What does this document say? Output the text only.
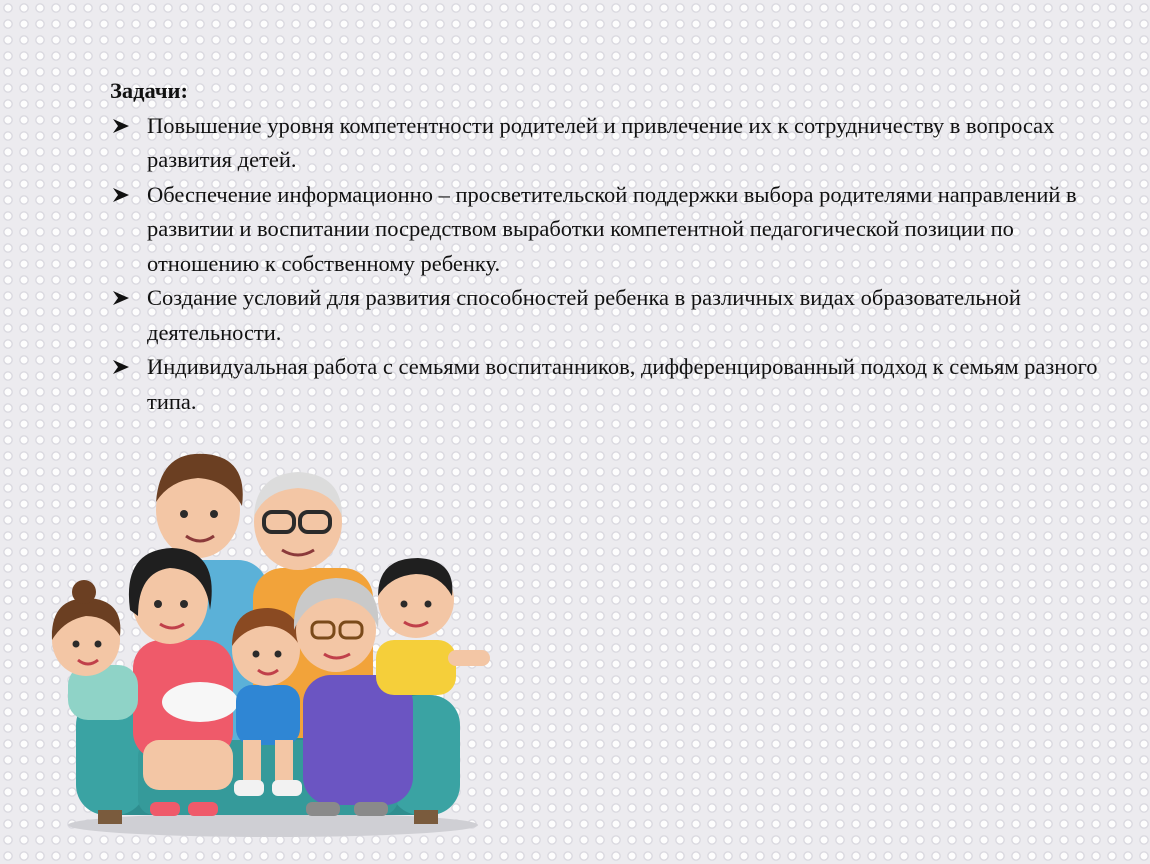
Задачи:
Повышение уровня компетентности родителей и привлечение их к сотрудничеству в вопросах развития детей.
Обеспечение информационно – просветительской поддержки выбора родителями направлений в развитии и воспитании посредством выработки компетентной педагогической позиции по отношению к собственному ребенку.
Создание условий для развития способностей ребенка в различных видах образовательной деятельности.
Индивидуальная работа с семьями воспитанников, дифференцированный подход к семьям разного типа.
